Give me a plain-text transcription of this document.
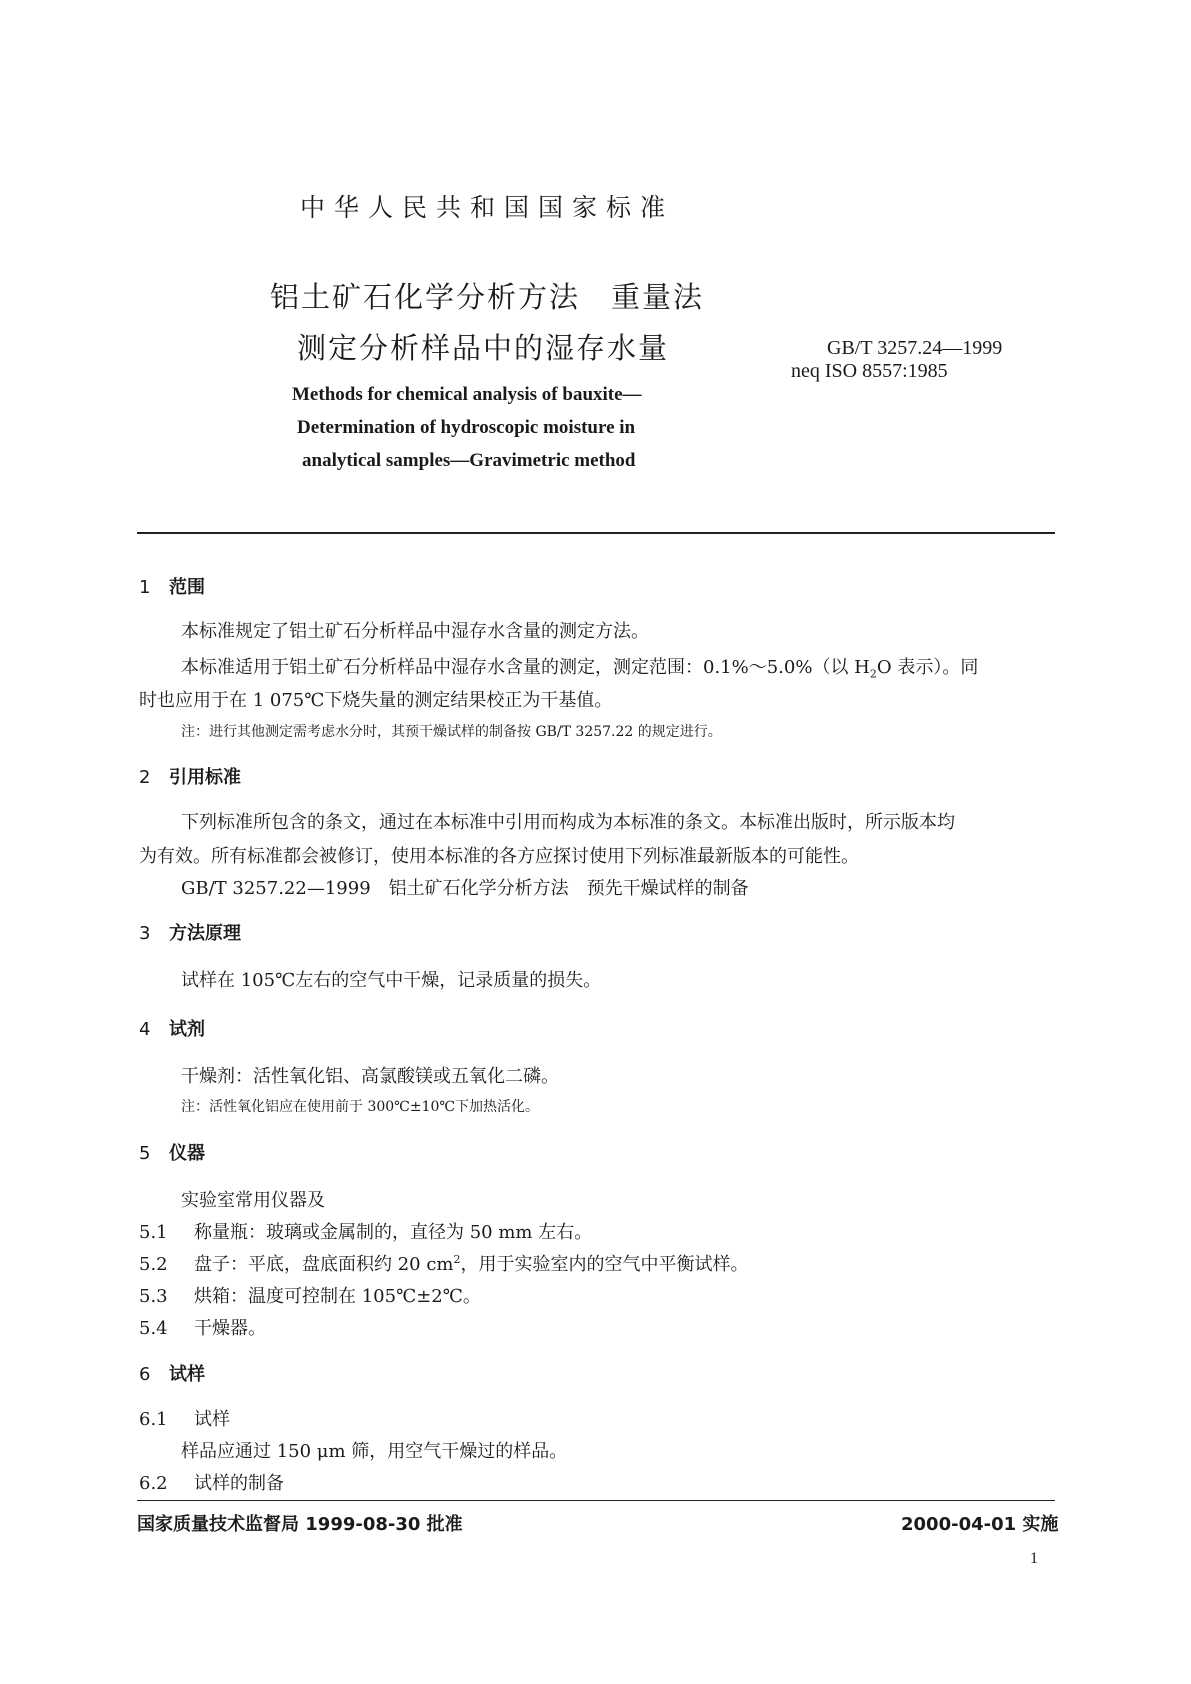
中华人民共和国国家标准
铝土矿石化学分析方法　重量法
测定分析样品中的湿存水量	GB/T 3257.24—1999
neq ISO 8557:1985
Methods for chemical analysis of bauxite—
Determination of hydroscopic moisture in
analytical samples—Gravimetric method
1 范围
本标准规定了铝土矿石分析样品中湿存水含量的测定方法。
本标准适用于铝土矿石分析样品中湿存水含量的测定，测定范围：0.1%～5.0%（以 $H_2O$ 表示）。同
时也应用于在 1 075℃下烧失量的测定结果校正为干基值。
注：进行其他测定需考虑水分时，其预干燥试样的制备按 GB/T 3257.22 的规定进行。
2 引用标准
下列标准所包含的条文，通过在本标准中引用而构成为本标准的条文。本标准出版时，所示版本均
为有效。所有标准都会被修订，使用本标准的各方应探讨使用下列标准最新版本的可能性。
GB/T 3257.22—1999　铝土矿石化学分析方法　预先干燥试样的制备
3 方法原理
试样在 105℃左右的空气中干燥，记录质量的损失。
4 试剂
干燥剂：活性氧化铝、高氯酸镁或五氧化二磷。
注：活性氧化铝应在使用前于 300℃±10℃下加热活化。
5 仪器
实验室常用仪器及
5.1 称量瓶：玻璃或金属制的，直径为 50 mm 左右。
5.2 盘子：平底，盘底面积约 20 $cm^2$，用于实验室内的空气中平衡试样。
5.3 烘箱：温度可控制在 105℃±2℃。
5.4 干燥器。
6 试样
6.1 试样
样品应通过 150 μm 筛，用空气干燥过的样品。
6.2 试样的制备
国家质量技术监督局 1999-08-30 批准	2000-04-01 实施
1
